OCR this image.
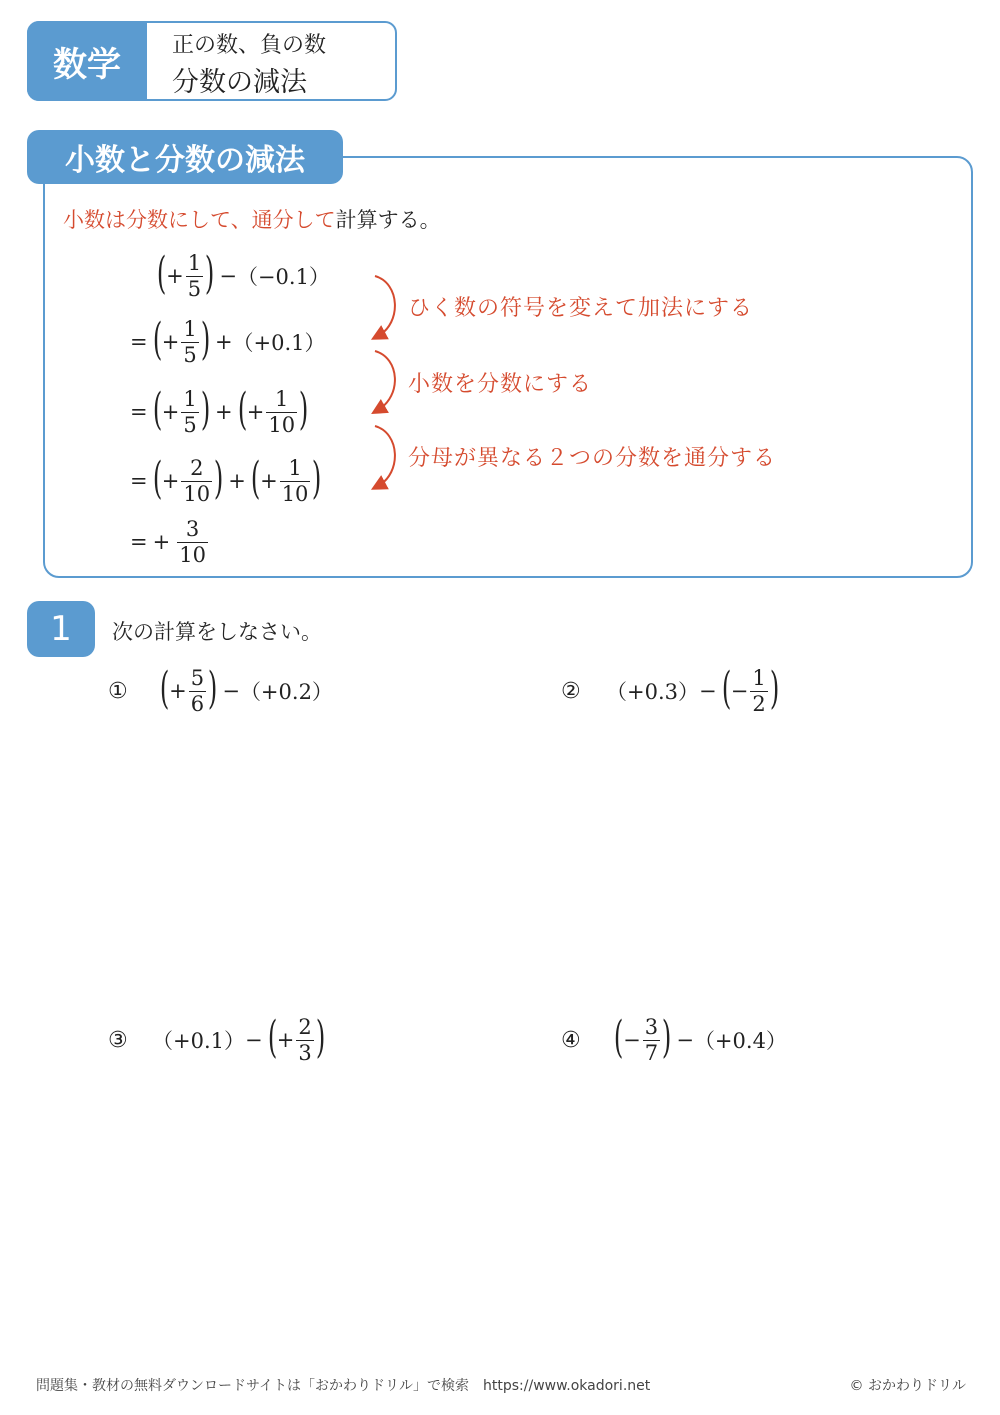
数学	正の数、負の数
分数の減法
小数と分数の減法
小数は分数にして、通分して計算する。
( + $\frac{1}{5}$ ) − （−0.1）
= ( + $\frac{1}{5}$ ) + （+0.1）
= ( + $\frac{1}{5}$ ) + ( + $\frac{1}{10}$ )
= ( + $\frac{2}{10}$ ) + ( + $\frac{1}{10}$ )
= + $\frac{3}{10}$
ひく数の符号を変えて加法にする
小数を分数にする
分母が異なる２つの分数を通分する
1	次の計算をしなさい。
① ( + $\frac{5}{6}$ ) − （+0.2）	② （+0.3） − ( − $\frac{1}{2}$ )
③ （+0.1） − ( + $\frac{2}{3}$ )	④ ( − $\frac{3}{7}$ ) − （+0.4）
問題集・教材の無料ダウンロードサイトは「おかわりドリル」で検索　https://www.okadori.net	© おかわりドリル
